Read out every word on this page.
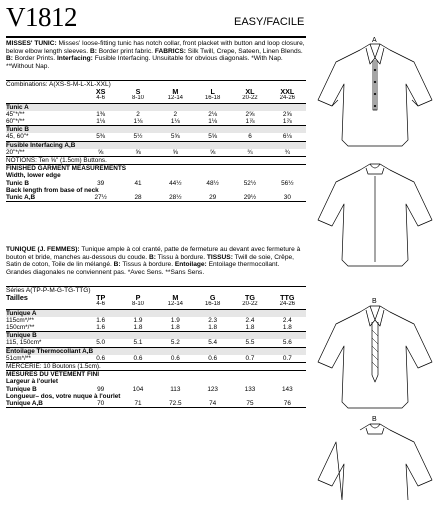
V1812	EASY/FACILE
MISSES' TUNIC: Misses' loose-fitting tunic has notch collar, front placket with button and loop closure, below elbow length sleeves. B: Border print fabric. FABRICS: Silk Twill, Crepe, Sateen, Linen Blends. B: Border Prints. Interfacing: Fusible Interfacing. Unsuitable for obvious diagonals. *With Nap. **Without Nap.
Combinations: A(XS-S-M-L-XL-XXL)						
	XS	S	M	L	XL	XXL
	4-6	8-10	12-14	16-18	20-22	24-26
Tunic A						
45"*/**	1⅜	2	2	2⅛	2⅝	2⅝
60"*/**	1⅛	1⅛	1⅛	1⅛	1⅞	1⅞
Tunic B						
45, 60"*	5⅜	5½	5⅝	5⅝	6	6⅛
Fusible Interfacing A,B						
20"*/**	⅝	⅝	⅝	⅝	¾	¾
NOTIONS: Ten ⅝" (1.5cm) Buttons.						
FINISHED GARMENT MEASUREMENTS						
Width, lower edge						
Tunic B	39	41	44½	48½	52½	56½
Back length from base of neck						
Tunic A,B	27½	28	28½	29	29½	30
TUNIQUE (J. FEMMES): Tunique ample à col cranté, patte de fermeture au devant avec fermeture à bouton et bride, manches au-dessous du coude. B: Tissu à bordure. TISSUS: Twill de soie, Crêpe, Satin de coton, Toile de lin mélangé. B: Tissus à bordure. Entoilage: Entoilage thermocollant. Grandes diagonales ne conviennent pas. *Avec Sens. **Sans Sens.
Séries A(TP-P-M-G-TG-TTG)						
Tailles	TP	P	M	G	TG	TTG
	4-6	8-10	12-14	16-18	20-22	24-26
Tunique A						
115cm*/**	1.6	1.9	1.9	2.3	2.4	2.4
150cm*/**	1.6	1.8	1.8	1.8	1.8	1.8
Tunique B						
115, 150cm*	5.0	5.1	5.2	5.4	5.5	5.6
Entoilage Thermocollant A,B						
51cm*/**	0.6	0.6	0.6	0.6	0.7	0.7
MERCERIE: 10 Boutons (1.5cm).						
MESURES DU VÊTEMENT FINI						
Largeur à l'ourlet						
Tunique B	99	104	113	123	133	143
Longueur– dos, votre nuque à l'ourlet						
Tunique A,B	70	71	72.5	74	75	76
A
B
B
